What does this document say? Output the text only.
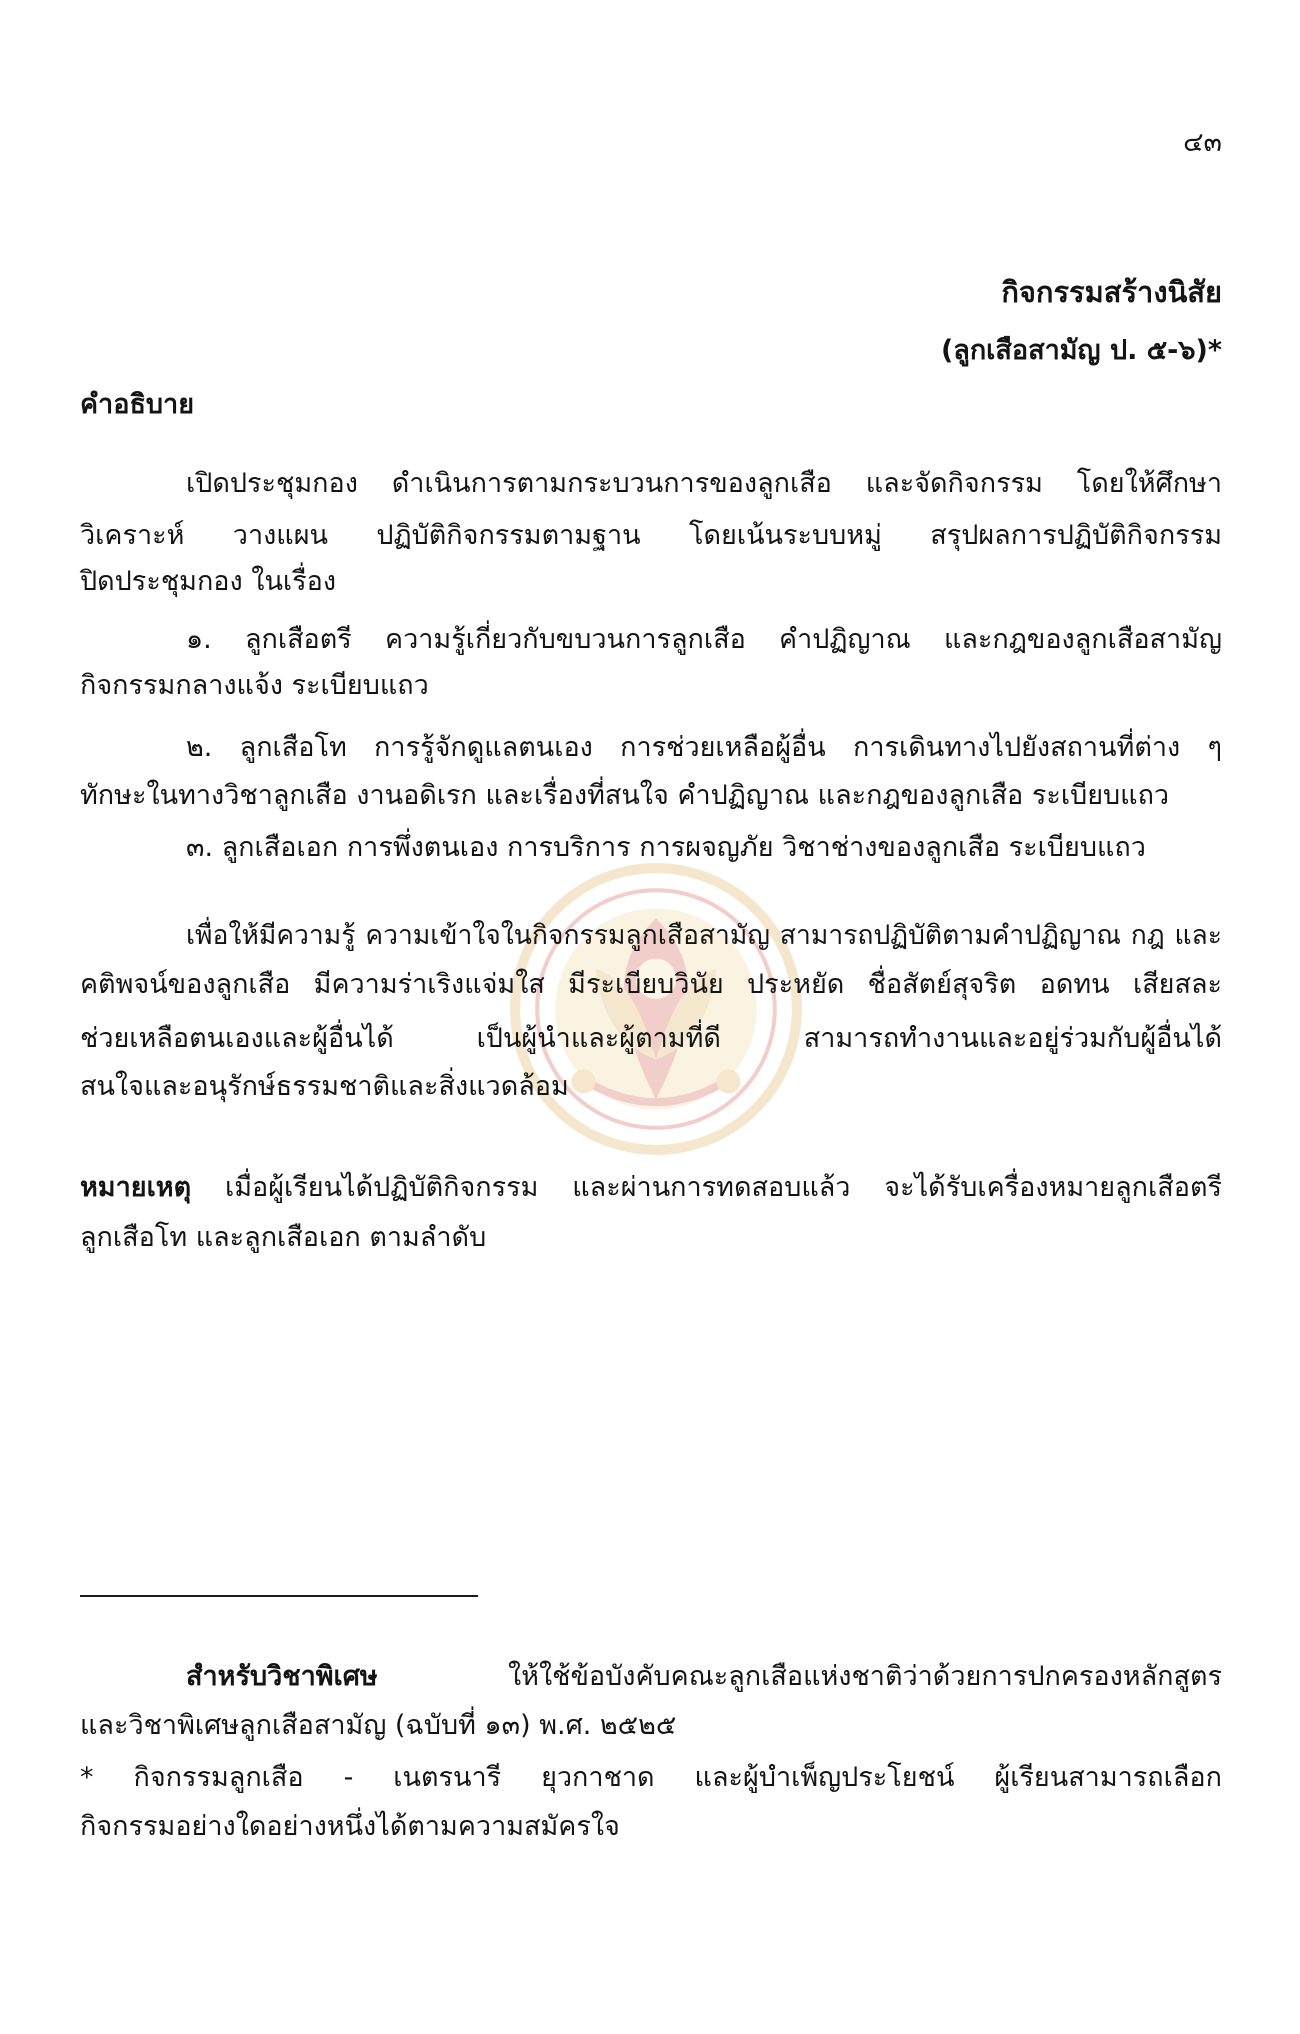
๔๓
กิจกรรมสร้างนิสัย
(ลูกเสือสามัญ ป. ๕-๖)*
คำอธิบาย
เปิดประชุมกอง ดำเนินการตามกระบวนการของลูกเสือ และจัดกิจกรรม โดยให้ศึกษา
วิเคราะห์ วางแผน ปฏิบัติกิจกรรมตามฐาน โดยเน้นระบบหมู่ สรุปผลการปฏิบัติกิจกรรม
ปิดประชุมกอง ในเรื่อง
๑. ลูกเสือตรี ความรู้เกี่ยวกับขบวนการลูกเสือ คำปฏิญาณ และกฎของลูกเสือสามัญ
กิจกรรมกลางแจ้ง ระเบียบแถว
๒. ลูกเสือโท การรู้จักดูแลตนเอง การช่วยเหลือผู้อื่น การเดินทางไปยังสถานที่ต่าง ๆ
ทักษะในทางวิชาลูกเสือ งานอดิเรก และเรื่องที่สนใจ คำปฏิญาณ และกฎของลูกเสือ ระเบียบแถว
๓. ลูกเสือเอก การพึ่งตนเอง การบริการ การผจญภัย วิชาช่างของลูกเสือ ระเบียบแถว
เพื่อให้มีความรู้ ความเข้าใจในกิจกรรมลูกเสือสามัญ สามารถปฏิบัติตามคำปฏิญาณ กฎ และ
คติพจน์ของลูกเสือ มีความร่าเริงแจ่มใส มีระเบียบวินัย ประหยัด ชื่อสัตย์สุจริต อดทน เสียสละ
ช่วยเหลือตนเองและผู้อื่นได้ เป็นผู้นำและผู้ตามที่ดี สามารถทำงานและอยู่ร่วมกับผู้อื่นได้
สนใจและอนุรักษ์ธรรมชาติและสิ่งแวดล้อม
หมายเหตุ เมื่อผู้เรียนได้ปฏิบัติกิจกรรม และผ่านการทดสอบแล้ว จะได้รับเครื่องหมายลูกเสือตรี
ลูกเสือโท และลูกเสือเอก ตามลำดับ
สำหรับวิชาพิเศษ	ให้ใช้ข้อบังคับคณะลูกเสือแห่งชาติว่าด้วยการปกครองหลักสูตร
และวิชาพิเศษลูกเสือสามัญ (ฉบับที่ ๑๓) พ.ศ. ๒๕๒๕
* กิจกรรมลูกเสือ - เนตรนารี ยุวกาชาด และผู้บำเพ็ญประโยชน์ ผู้เรียนสามารถเลือก
กิจกรรมอย่างใดอย่างหนึ่งได้ตามความสมัครใจ
